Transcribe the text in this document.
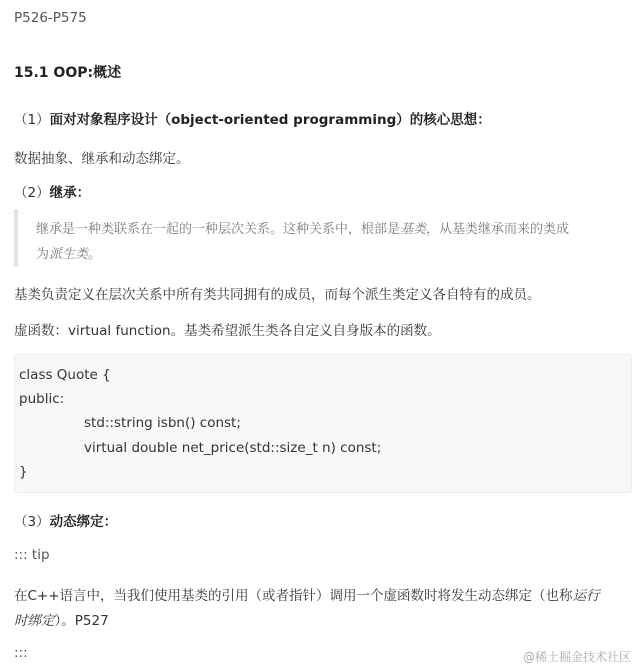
P526-P575
15.1 OOP:概述
（1）面对对象程序设计（object-oriented programming）的核心思想：
数据抽象、继承和动态绑定。
（2）继承：
继承是一种类联系在一起的一种层次关系。这种关系中，根部是基类，从基类继承而来的类成
为派生类。
基类负责定义在层次关系中所有类共同拥有的成员，而每个派生类定义各自特有的成员。
虚函数：virtual function。基类希望派生类各自定义自身版本的函数。
class Quote {
public:
std::string isbn() const;
virtual double net_price(std::size_t n) const;
}
（3）动态绑定：
::: tip
在C++语言中，当我们使用基类的引用（或者指针）调用一个虚函数时将发生动态绑定（也称运行
时绑定）。P527
:::	@稀土掘金技术社区
